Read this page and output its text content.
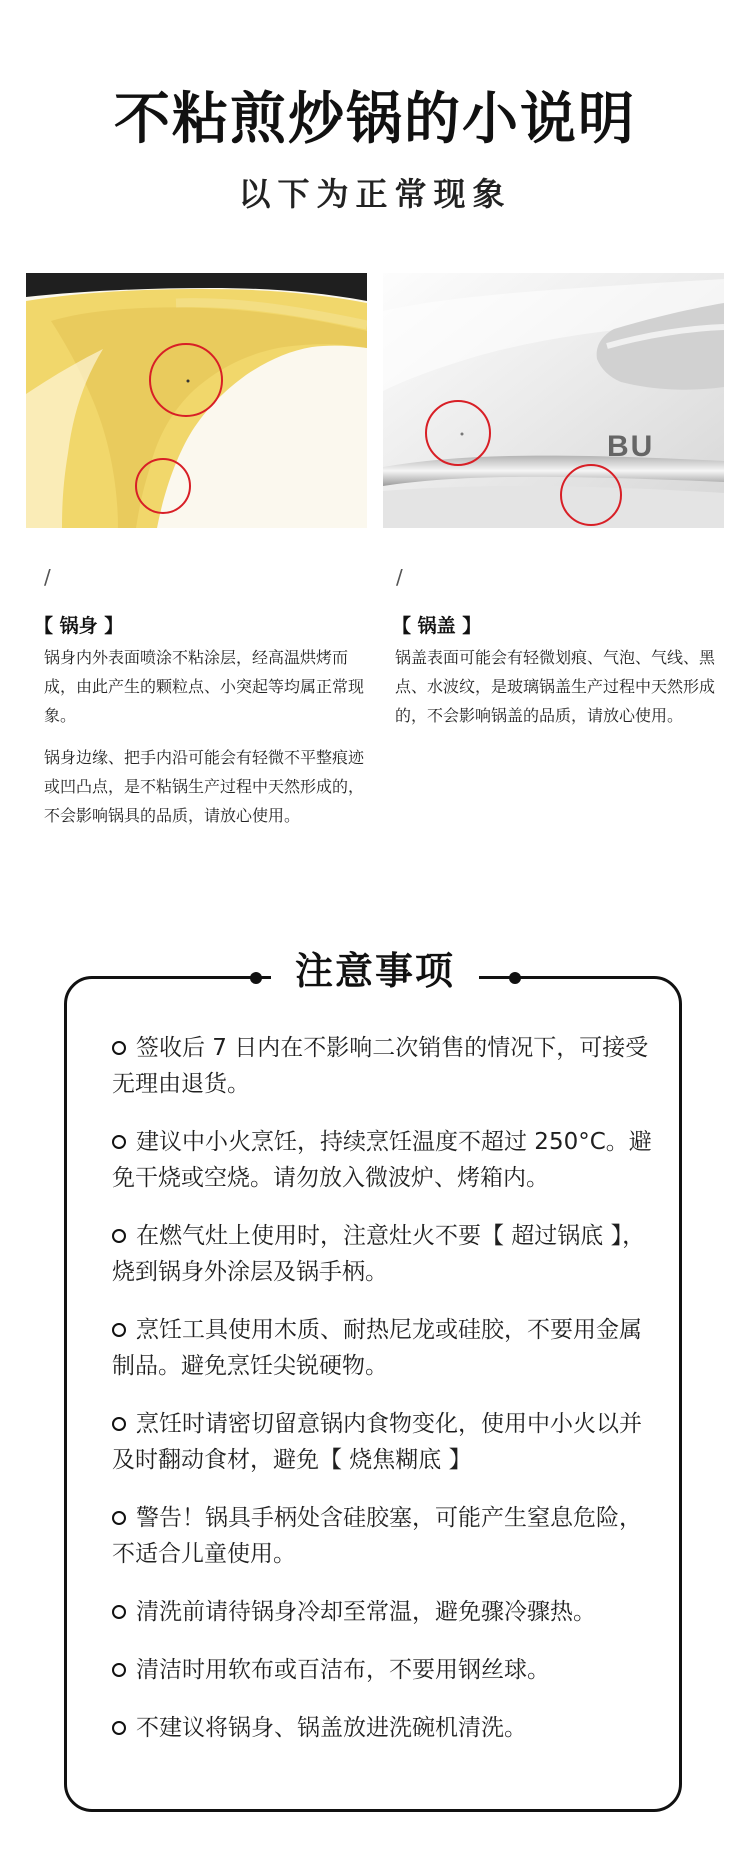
不粘煎炒锅的小说明
以下为正常现象
BU
/	/
【 锅身 】	【 锅盖 】
锅身内外表面喷涂不粘涂层，经高温烘烤而成，由此产生的颗粒点、小突起等均属正常现象。
锅身边缘、把手内沿可能会有轻微不平整痕迹或凹凸点，是不粘锅生产过程中天然形成的，不会影响锅具的品质，请放心使用。
锅盖表面可能会有轻微划痕、气泡、气线、黑点、水波纹，是玻璃锅盖生产过程中天然形成的，不会影响锅盖的品质，请放心使用。
注意事项
签收后 7 日内在不影响二次销售的情况下，可接受无理由退货。
建议中小火烹饪，持续烹饪温度不超过 250°C。避免干烧或空烧。请勿放入微波炉、烤箱内。
在燃气灶上使用时，注意灶火不要【 超过锅底 】，烧到锅身外涂层及锅手柄。
烹饪工具使用木质、耐热尼龙或硅胶，不要用金属制品。避免烹饪尖锐硬物。
烹饪时请密切留意锅内食物变化，使用中小火以并及时翻动食材，避免【 烧焦糊底 】
警告！锅具手柄处含硅胶塞，可能产生窒息危险，不适合儿童使用。
清洗前请待锅身冷却至常温，避免骤冷骤热。
清洁时用软布或百洁布，不要用钢丝球。
不建议将锅身、锅盖放进洗碗机清洗。
